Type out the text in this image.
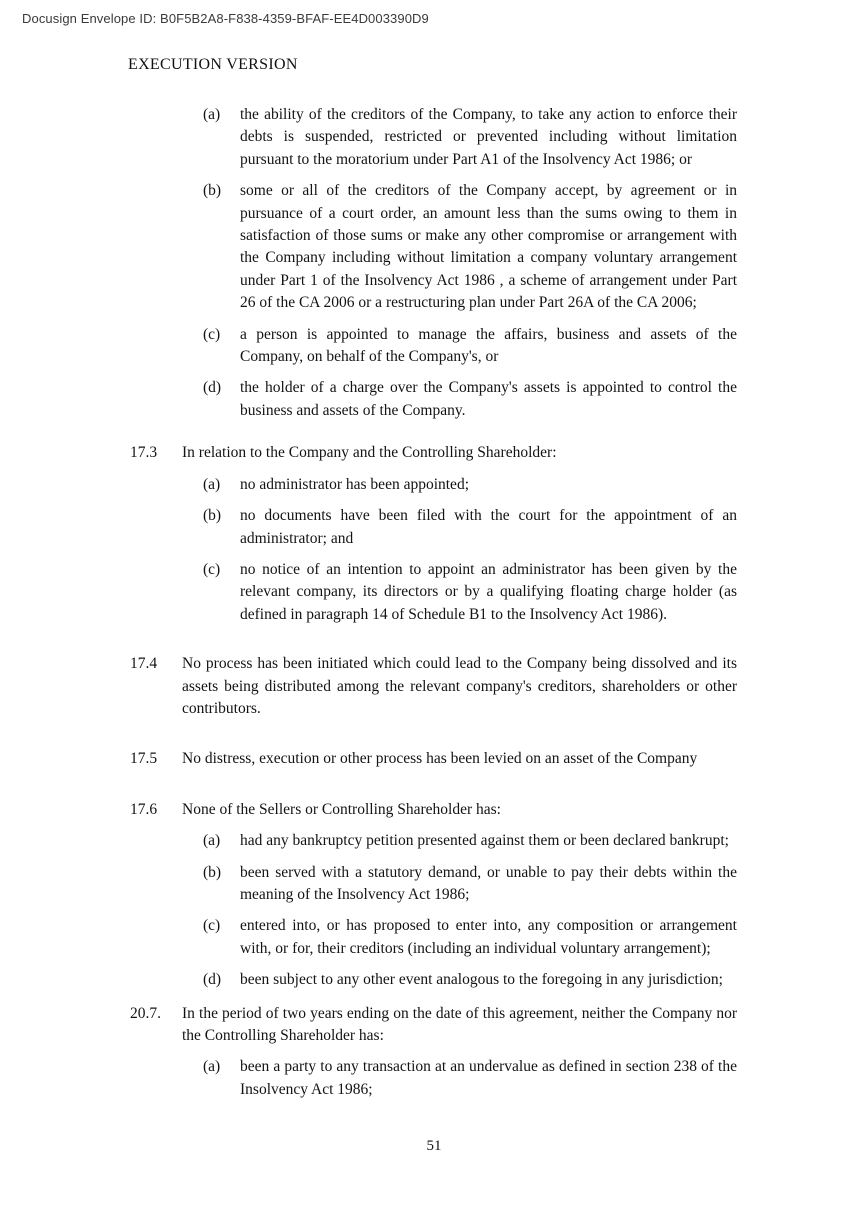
Docusign Envelope ID: B0F5B2A8-F838-4359-BFAF-EE4D003390D9
EXECUTION VERSION
(a)	the ability of the creditors of the Company, to take any action to enforce their debts is suspended, restricted or prevented including without limitation pursuant to the moratorium under Part A1 of the Insolvency Act 1986; or
(b)	some or all of the creditors of the Company accept, by agreement or in pursuance of a court order, an amount less than the sums owing to them in satisfaction of those sums or make any other compromise or arrangement with the Company including without limitation a company voluntary arrangement under Part 1 of the Insolvency Act 1986 , a scheme of arrangement under Part 26 of the CA 2006 or a restructuring plan under Part 26A of the CA 2006;
(c)	a person is appointed to manage the affairs, business and assets of the Company, on behalf of the Company's, or
(d)	the holder of a charge over the Company's assets is appointed to control the business and assets of the Company.
17.3	In relation to the Company and the Controlling Shareholder:
(a)	no administrator has been appointed;
(b)	no documents have been filed with the court for the appointment of an administrator; and
(c)	no notice of an intention to appoint an administrator has been given by the relevant company, its directors or by a qualifying floating charge holder (as defined in paragraph 14 of Schedule B1 to the Insolvency Act 1986).
17.4	No process has been initiated which could lead to the Company being dissolved and its assets being distributed among the relevant company's creditors, shareholders or other contributors.
17.5	No distress, execution or other process has been levied on an asset of the Company
17.6	None of the Sellers or Controlling Shareholder has:
(a)	had any bankruptcy petition presented against them or been declared bankrupt;
(b)	been served with a statutory demand, or unable to pay their debts within the meaning of the Insolvency Act 1986;
(c)	entered into, or has proposed to enter into, any composition or arrangement with, or for, their creditors (including an individual voluntary arrangement);
(d)	been subject to any other event analogous to the foregoing in any jurisdiction;
20.7.	In the period of two years ending on the date of this agreement, neither the Company nor the Controlling Shareholder has:
(a)	been a party to any transaction at an undervalue as defined in section 238 of the Insolvency Act 1986;
51
